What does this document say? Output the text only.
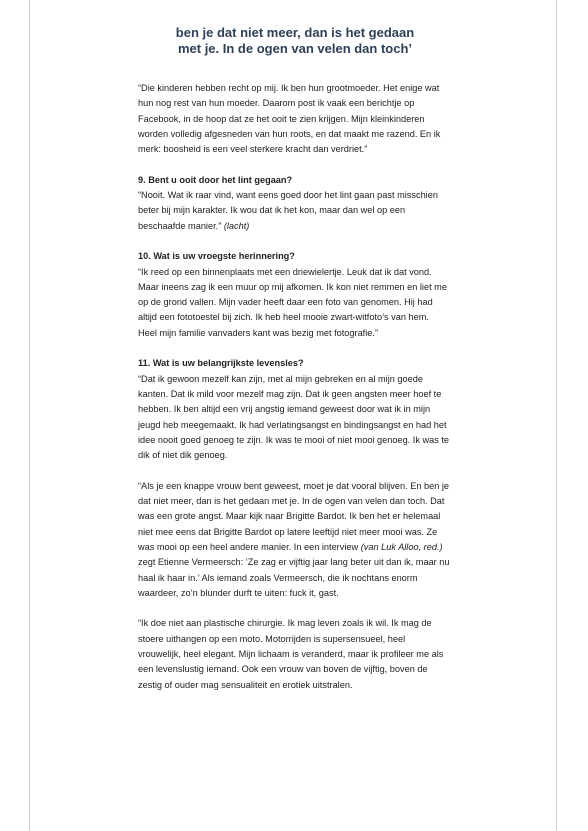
ben je dat niet meer, dan is het gedaan
met je. In de ogen van velen dan toch’

“Die kinderen hebben recht op mij. Ik ben hun grootmoeder. Het enige wat hun nog rest van hun moeder. Daarom post ik vaak een berichtje op Facebook, in de hoop dat ze het ooit te zien krijgen. Mijn kleinkinderen worden volledig afgesneden van hun roots, en dat maakt me razend. En ik merk: boosheid is een veel sterkere kracht dan verdriet.”

9. Bent u ooit door het lint gegaan?

“Nooit. Wat ik raar vind, want eens goed door het lint gaan past misschien beter bij mijn karakter. Ik wou dat ik het kon, maar dan wel op een beschaafde manier.” (lacht)

10. Wat is uw vroegste herinnering?

“Ik reed op een binnenplaats met een driewielertje. Leuk dat ik dat vond. Maar ineens zag ik een muur op mij afkomen. Ik kon niet remmen en liet me op de grond vallen. Mijn vader heeft daar een foto van genomen. Hij had altijd een fototoestel bij zich. Ik heb heel mooie zwart-witfoto’s van hem. Heel mijn familie vanvaders kant was bezig met fotografie.”

11. Wat is uw belangrijkste levensles?

“Dat ik gewoon mezelf kan zijn, met al mijn gebreken en al mijn goede kanten. Dat ik mild voor mezelf mag zijn. Dat ik geen angsten meer hoef te hebben. Ik ben altijd een vrij angstig iemand geweest door wat ik in mijn jeugd heb meegemaakt. Ik had verlatingsangst en bindingsangst en had het idee nooit goed genoeg te zijn. Ik was te mooi of niet mooi genoeg. Ik was te dik of niet dik genoeg.

“Als je een knappe vrouw bent geweest, moet je dat vooral blijven. En ben je dat niet meer, dan is het gedaan met je. In de ogen van velen dan toch. Dat was een grote angst. Maar kijk naar Brigitte Bardot. Ik ben het er helemaal niet mee eens dat Brigitte Bardot op latere leeftijd niet meer mooi was. Ze was mooi op een heel andere manier. In een interview (van Luk Alloo, red.) zegt Etienne Vermeersch: ‘Ze zag er vijftig jaar lang beter uit dan ik, maar nu haal ik haar in.’ Als iemand zoals Vermeersch, die ik nochtans enorm waardeer, zo’n blunder durft te uiten: fuck it, gast.

“Ik doe niet aan plastische chirurgie. Ik mag leven zoals ik wil. Ik mag de stoere uithangen op een moto. Motorrijden is supersensueel, heel vrouwelijk, heel elegant. Mijn lichaam is veranderd, maar ik profileer me als een levenslustig iemand. Ook een vrouw van boven de vijftig, boven de zestig of ouder mag sensualiteit en erotiek uitstralen.
